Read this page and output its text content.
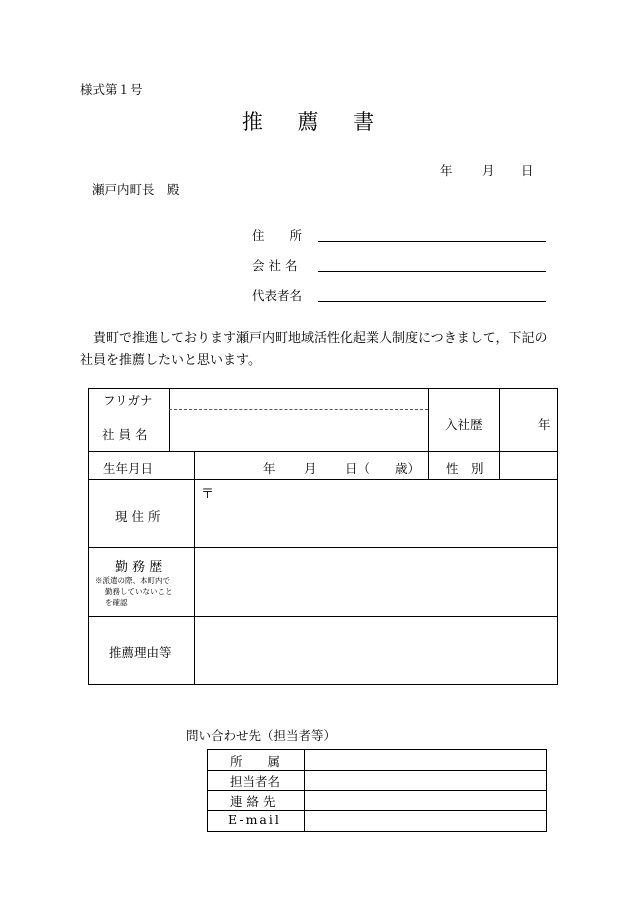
様式第１号
推 薦 書
年 月 日
瀬戸内町長　殿
住　　所
会 社 名
代表者名
貴町で推進しております瀬戸内町地域活性化起業人制度につきまして，下記の社員を推薦したいと思います。
フリガナ
社 員 名
入社歴	年
生年月日	年 月 日（ 歳） 性　別
現 住 所
〒
勤 務 歴
※派遣の際、本町内で
勤務していないこと
を確認
推薦理由等
問い合わせ先（担当者等）
所　　属
担当者名
連 絡 先
E-mail
